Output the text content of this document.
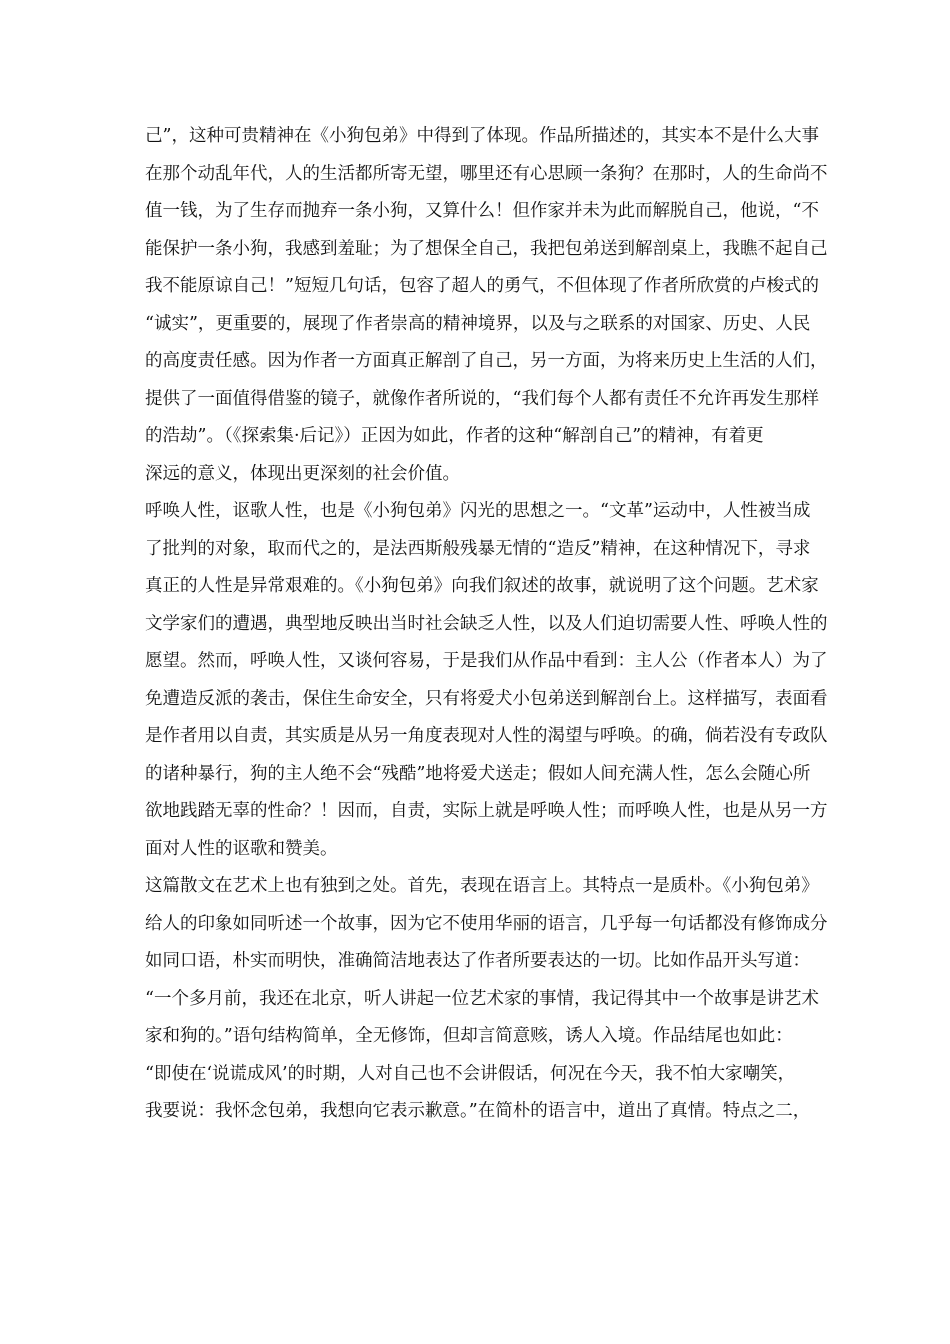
己”，这种可贵精神在《小狗包弟》中得到了体现。作品所描述的，其实本不是什么大事
在那个动乱年代，人的生活都所寄无望，哪里还有心思顾一条狗？在那时，人的生命尚不
值一钱，为了生存而抛弃一条小狗，又算什么！但作家并未为此而解脱自己，他说，“不
能保护一条小狗，我感到羞耻；为了想保全自己，我把包弟送到解剖桌上，我瞧不起自己
我不能原谅自己！”短短几句话，包容了超人的勇气，不但体现了作者所欣赏的卢梭式的
“诚实”，更重要的，展现了作者崇高的精神境界，以及与之联系的对国家、历史、人民
的高度责任感。因为作者一方面真正解剖了自己，另一方面，为将来历史上生活的人们，
提供了一面值得借鉴的镜子，就像作者所说的，“我们每个人都有责任不允许再发生那样
的浩劫”。（《探索集·后记》）正因为如此，作者的这种“解剖自己”的精神，有着更
深远的意义，体现出更深刻的社会价值。
呼唤人性，讴歌人性，也是《小狗包弟》闪光的思想之一。“文革”运动中，人性被当成
了批判的对象，取而代之的，是法西斯般残暴无情的“造反”精神，在这种情况下，寻求
真正的人性是异常艰难的。《小狗包弟》向我们叙述的故事，就说明了这个问题。艺术家
文学家们的遭遇，典型地反映出当时社会缺乏人性，以及人们迫切需要人性、呼唤人性的
愿望。然而，呼唤人性，又谈何容易，于是我们从作品中看到：主人公（作者本人）为了
免遭造反派的袭击，保住生命安全，只有将爱犬小包弟送到解剖台上。这样描写，表面看
是作者用以自责，其实质是从另一角度表现对人性的渴望与呼唤。的确，倘若没有专政队
的诸种暴行，狗的主人绝不会“残酷”地将爱犬送走；假如人间充满人性，怎么会随心所
欲地践踏无辜的性命？！因而，自责，实际上就是呼唤人性；而呼唤人性，也是从另一方
面对人性的讴歌和赞美。
这篇散文在艺术上也有独到之处。首先，表现在语言上。其特点一是质朴。《小狗包弟》
给人的印象如同听述一个故事，因为它不使用华丽的语言，几乎每一句话都没有修饰成分
如同口语，朴实而明快，准确简洁地表达了作者所要表达的一切。比如作品开头写道：
“一个多月前，我还在北京，听人讲起一位艺术家的事情，我记得其中一个故事是讲艺术
家和狗的。”语句结构简单，全无修饰，但却言简意赅，诱人入境。作品结尾也如此：
“即使在‘说谎成风’的时期，人对自己也不会讲假话，何况在今天，我不怕大家嘲笑，
我要说：我怀念包弟，我想向它表示歉意。”在简朴的语言中，道出了真情。特点之二，
